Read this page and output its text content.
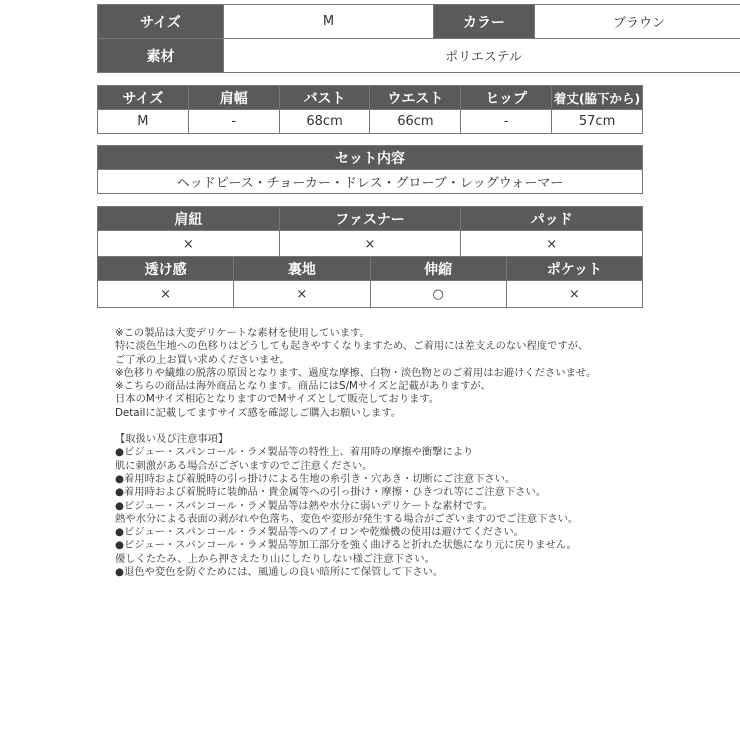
サイズ	M	カラー	ブラウン
素材	ポリエステル		
サイズ	肩幅	バスト	ウエスト	ヒップ	着丈(脇下から)
M	-	68cm	66cm	-	57cm
セット内容
ヘッドピース・チョーカー・ドレス・グローブ・レッグウォーマー
肩紐	ファスナー	パッド
×	×	×
透け感	裏地	伸縮	ポケット
×	×	○	×
※この製品は大変デリケートな素材を使用しています。
特に淡色生地への色移りはどうしても起きやすくなりますため、ご着用には差支えのない程度ですが、
ご了承の上お買い求めくださいませ。
※色移りや繊維の脱落の原因となります、過度な摩擦、白物・淡色物とのご着用はお避けくださいませ。
※こちらの商品は海外商品となります。商品にはS/Mサイズと記載がありますが、
日本のMサイズ相応となりますのでMサイズとして販売しております。
Detailに記載してますサイズ感を確認しご購入お願いします。
【取扱い及び注意事項】
●ビジュー・スパンコール・ラメ製品等の特性上、着用時の摩擦や衝撃により
肌に刺激がある場合がございますのでご注意ください。
●着用時および着脱時の引っ掛けによる生地の糸引き・穴あき・切断にご注意下さい。
●着用時および着脱時に装飾品・貴金属等への引っ掛け・摩擦・ひきつれ等にご注意下さい。
●ビジュー・スパンコール・ラメ製品等は熱や水分に弱いデリケートな素材です。
熱や水分による表面の剥がれや色落ち、変色や変形が発生する場合がございますのでご注意下さい。
●ビジュー・スパンコール・ラメ製品等へのアイロンや乾燥機の使用は避けてください。
●ビジュー・スパンコール・ラメ製品等加工部分を強く曲げると折れた状態になり元に戻りません。
優しくたたみ、上から押さえたり山にしたりしない様ご注意下さい。
●退色や変色を防ぐためには、風通しの良い暗所にて保管して下さい。
